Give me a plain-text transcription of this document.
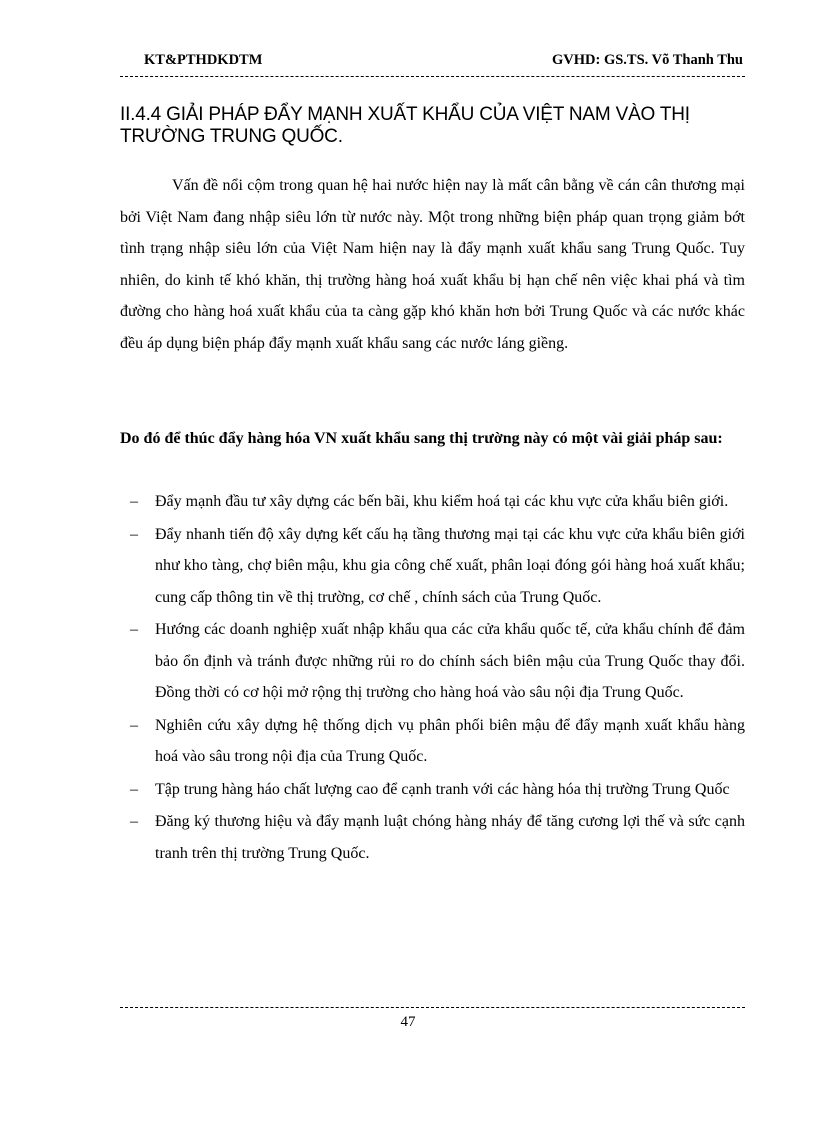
KT&PTHDKDTM	GVHD: GS.TS. Võ Thanh Thu
II.4.4 GIẢI PHÁP ĐẨY MẠNH XUẤT KHẨU CỦA VIỆT NAM VÀO THỊ TRƯỜNG TRUNG QUỐC.

Vấn đề nổi cộm trong quan hệ hai nước hiện nay là mất cân bằng về cán cân thương mại bởi Việt Nam đang nhập siêu lớn từ nước này. Một trong những biện pháp quan trọng giảm bớt tình trạng nhập siêu lớn của Việt Nam hiện nay là đẩy mạnh xuất khẩu sang Trung Quốc. Tuy nhiên, do kinh tế khó khăn, thị trường hàng hoá xuất khẩu bị hạn chế nên việc khai phá và tìm đường cho hàng hoá xuất khẩu của ta càng gặp khó khăn hơn bởi Trung Quốc và các nước khác đều áp dụng biện pháp đẩy mạnh xuất khẩu sang các nước láng giềng.

Do đó để thúc đẩy hàng hóa VN xuất khẩu sang thị trường này có một vài giải pháp sau:

– Đẩy mạnh đầu tư xây dựng các bến bãi, khu kiểm hoá tại các khu vực cửa khẩu biên giới.
– Đẩy nhanh tiến độ xây dựng kết cấu hạ tầng thương mại tại các khu vực cửa khẩu biên giới như kho tàng, chợ biên mậu, khu gia công chế xuất, phân loại đóng gói hàng hoá xuất khẩu; cung cấp thông tin về thị trường, cơ chế , chính sách của Trung Quốc.
– Hướng các doanh nghiệp xuất nhập khẩu qua các cửa khẩu quốc tế, cửa khẩu chính để đảm bảo ổn định và tránh được những rủi ro do chính sách biên mậu của Trung Quốc thay đổi. Đồng thời có cơ hội mở rộng thị trường cho hàng hoá vào sâu nội địa Trung Quốc.
– Nghiên cứu xây dựng hệ thống dịch vụ phân phối biên mậu để đẩy mạnh xuất khẩu hàng hoá vào sâu trong nội địa của Trung Quốc.
– Tập trung hàng háo chất lượng cao để cạnh tranh với các hàng hóa thị trường Trung Quốc
– Đăng ký thương hiệu và đẩy mạnh luật chóng hàng nháy để tăng cương lợi thế và sức cạnh tranh trên thị trường Trung Quốc.
47
